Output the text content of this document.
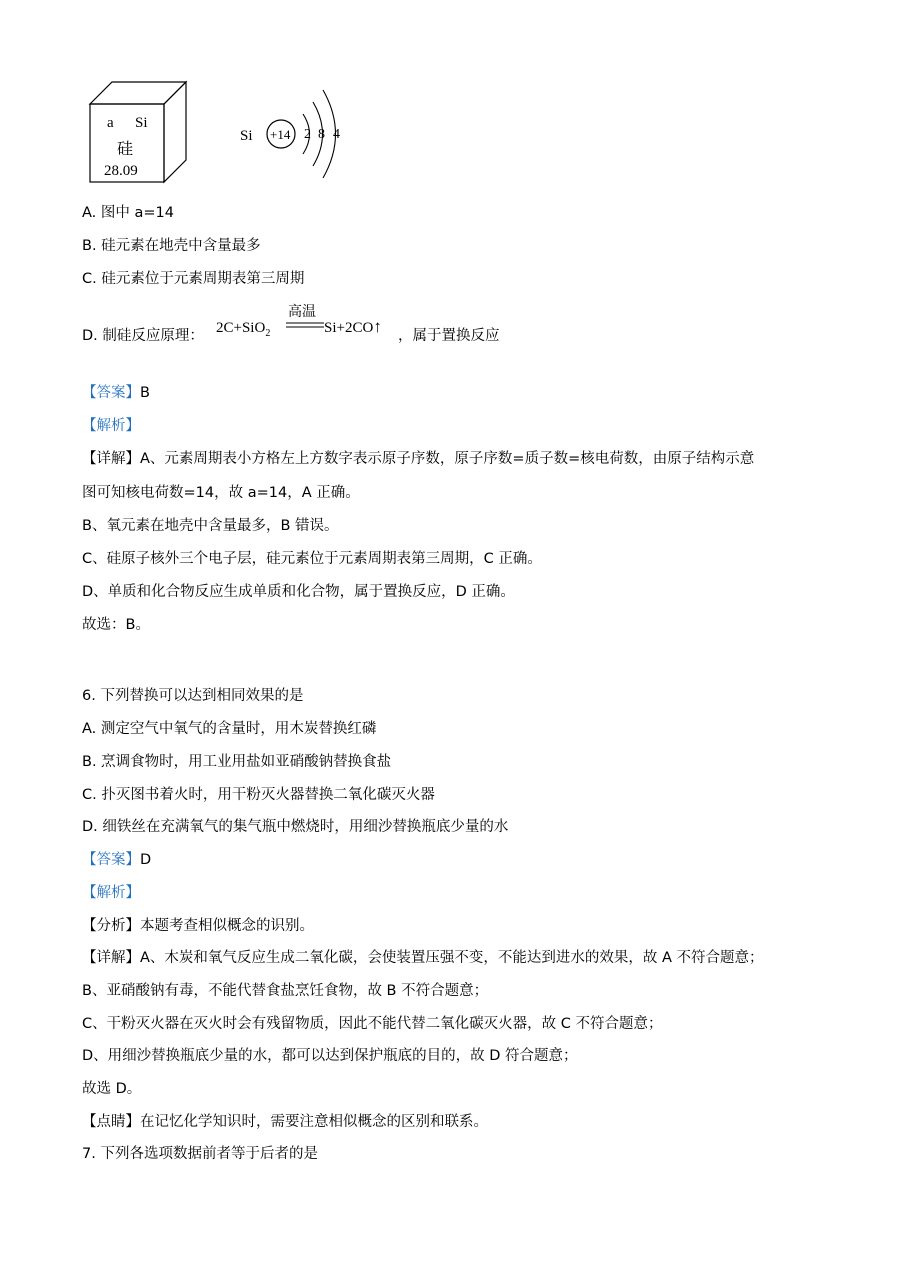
a Si
硅
28.09
Si +14 2 8 4
A. 图中 a=14
B. 硅元素在地壳中含量最多
C. 硅元素位于元素周期表第三周期
D. 制硅反应原理： 2C+SiO$_2$
高温
Si+2CO↑ ，属于置换反应
【答案】B
【解析】
【详解】A、元素周期表小方格左上方数字表示原子序数，原子序数=质子数=核电荷数，由原子结构示意
图可知核电荷数=14，故 a=14，A 正确。
B、氧元素在地壳中含量最多，B 错误。
C、硅原子核外三个电子层，硅元素位于元素周期表第三周期，C 正确。
D、单质和化合物反应生成单质和化合物，属于置换反应，D 正确。
故选：B。
6. 下列替换可以达到相同效果的是
A. 测定空气中氧气的含量时，用木炭替换红磷
B. 烹调食物时，用工业用盐如亚硝酸钠替换食盐
C. 扑灭图书着火时，用干粉灭火器替换二氧化碳灭火器
D. 细铁丝在充满氧气的集气瓶中燃烧时，用细沙替换瓶底少量的水
【答案】D
【解析】
【分析】本题考查相似概念的识别。
【详解】A、木炭和氧气反应生成二氧化碳，会使装置压强不变，不能达到进水的效果，故 A 不符合题意；
B、亚硝酸钠有毒，不能代替食盐烹饪食物，故 B 不符合题意；
C、干粉灭火器在灭火时会有残留物质，因此不能代替二氧化碳灭火器，故 C 不符合题意；
D、用细沙替换瓶底少量的水，都可以达到保护瓶底的目的，故 D 符合题意；
故选 D。
【点睛】在记忆化学知识时，需要注意相似概念的区别和联系。
7. 下列各选项数据前者等于后者的是
